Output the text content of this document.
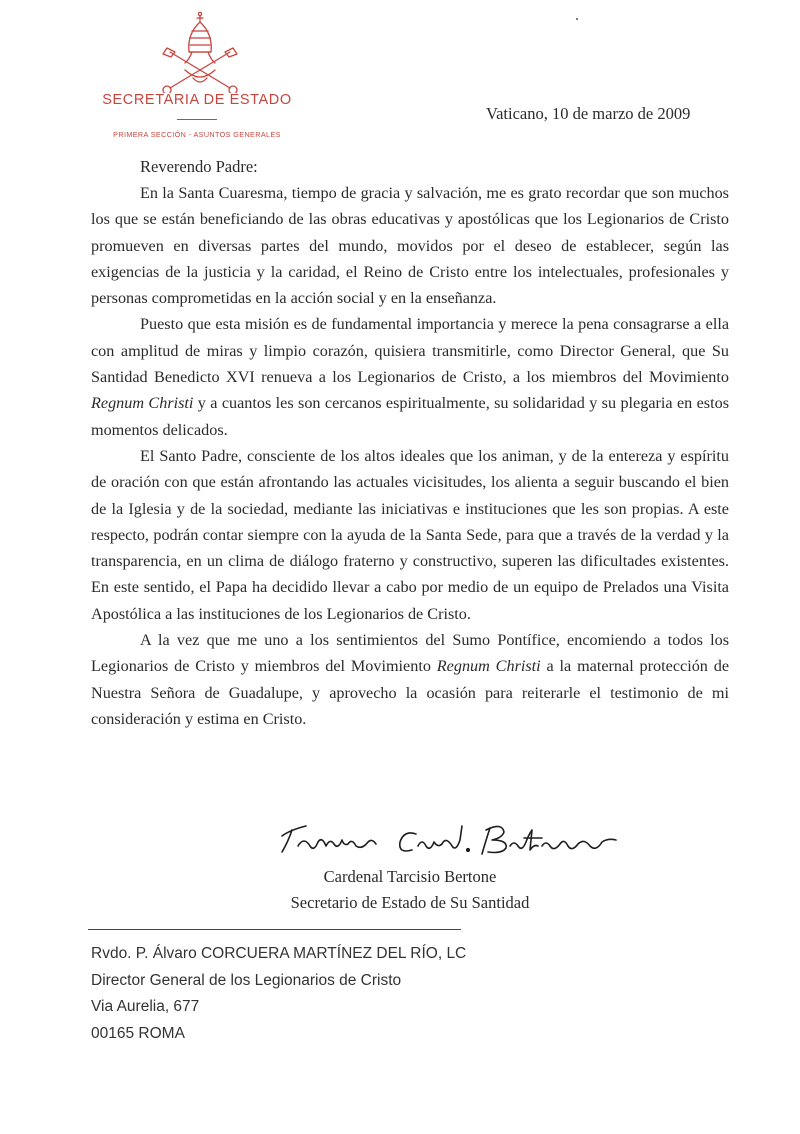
SECRETARIA DE ESTADO
PRIMERA SECCIÓN - ASUNTOS GENERALES
Vaticano, 10 de marzo de 2009
Reverendo Padre:

En la Santa Cuaresma, tiempo de gracia y salvación, me es grato recordar que son muchos los que se están beneficiando de las obras educativas y apostólicas que los Legionarios de Cristo promueven en diversas partes del mundo, movidos por el deseo de establecer, según las exigencias de la justicia y la caridad, el Reino de Cristo entre los intelectuales, profesionales y personas comprometidas en la acción social y en la enseñanza.

Puesto que esta misión es de fundamental importancia y merece la pena consagrarse a ella con amplitud de miras y limpio corazón, quisiera transmitirle, como Director General, que Su Santidad Benedicto XVI renueva a los Legionarios de Cristo, a los miembros del Movimiento Regnum Christi y a cuantos les son cercanos espiritualmente, su solidaridad y su plegaria en estos momentos delicados.

El Santo Padre, consciente de los altos ideales que los animan, y de la entereza y espíritu de oración con que están afrontando las actuales vicisitudes, los alienta a seguir buscando el bien de la Iglesia y de la sociedad, mediante las iniciativas e instituciones que les son propias. A este respecto, podrán contar siempre con la ayuda de la Santa Sede, para que a través de la verdad y la transparencia, en un clima de diálogo fraterno y constructivo, superen las dificultades existentes. En este sentido, el Papa ha decidido llevar a cabo por medio de un equipo de Prelados una Visita Apostólica a las instituciones de los Legionarios de Cristo.

A la vez que me uno a los sentimientos del Sumo Pontífice, encomiendo a todos los Legionarios de Cristo y miembros del Movimiento Regnum Christi a la maternal protección de Nuestra Señora de Guadalupe, y aprovecho la ocasión para reiterarle el testimonio de mi consideración y estima en Cristo.

Cardenal Tarcisio Bertone
Secretario de Estado de Su Santidad
Rvdo. P. Álvaro CORCUERA MARTÍNEZ DEL RÍO, LC
Director General de los Legionarios de Cristo
Via Aurelia, 677
00165 ROMA
